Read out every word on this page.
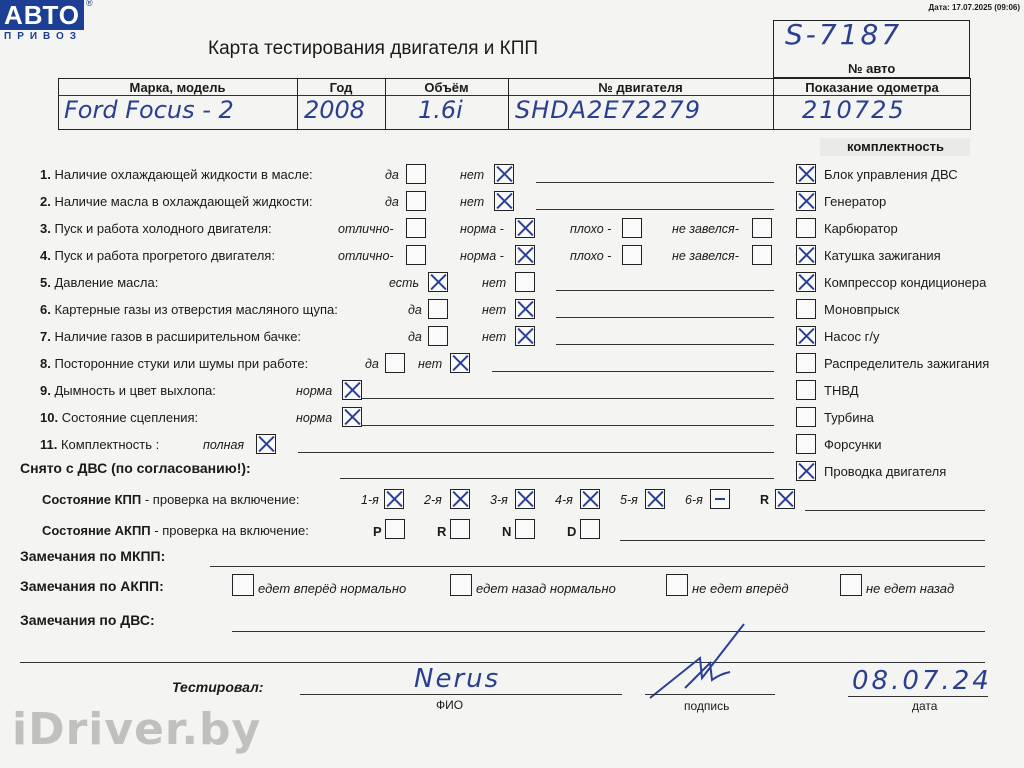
АВТО ®
ПРИВОЗ
Дата: 17.07.2025 (09:06)
Карта тестирования двигателя и КПП	S-7187
№ авто
Марка, модель	Год	Объём	№ двигателя	Показание одометра
Ford Focus - 2	2008 1.6i SHDA2E72279	210725
комплектность
Блок управления ДВС
Генератор
Карбюратор
Катушка зажигания
Компрессор кондиционера
Моновпрыск
Насос г/у
Распределитель зажигания
ТНВД
Турбина
Форсунки
Проводка двигателя
1. Наличие охлаждающей жидкости в масле:	да	нет
2. Наличие масла в охлаждающей жидкости:	да	нет
3. Пуск и работа холодного двигателя:	отлично-	норма -	плохо -	не завелся-
4. Пуск и работа прогретого двигателя:	отлично-	норма -	плохо -	не завелся-
5. Давление масла:	есть	нет
6. Картерные газы из отверстия масляного щупа:	да	нет
7. Наличие газов в расширительном бачке:	да	нет
8. Посторонние стуки или шумы при работе:	да	нет
9. Дымность и цвет выхлопа:	норма
10. Состояние сцепления:	норма
11. Комплектность :	полная
Снято с ДВС (по согласованию!):
Состояние КПП - проверка на включение:	1-я	2-я	3-я	4-я	5-я	6-я	R
Состояние АКПП - проверка на включение:	P	R	N	D
Замечания по МКПП:
Замечания по АКПП:	едет вперёд нормально	едет назад нормально	не едет вперёд	не едет назад
Замечания по ДВС:
Тестировал:	Nerus
ФИО	подпись
08.07.24
дата
iDriver.by
